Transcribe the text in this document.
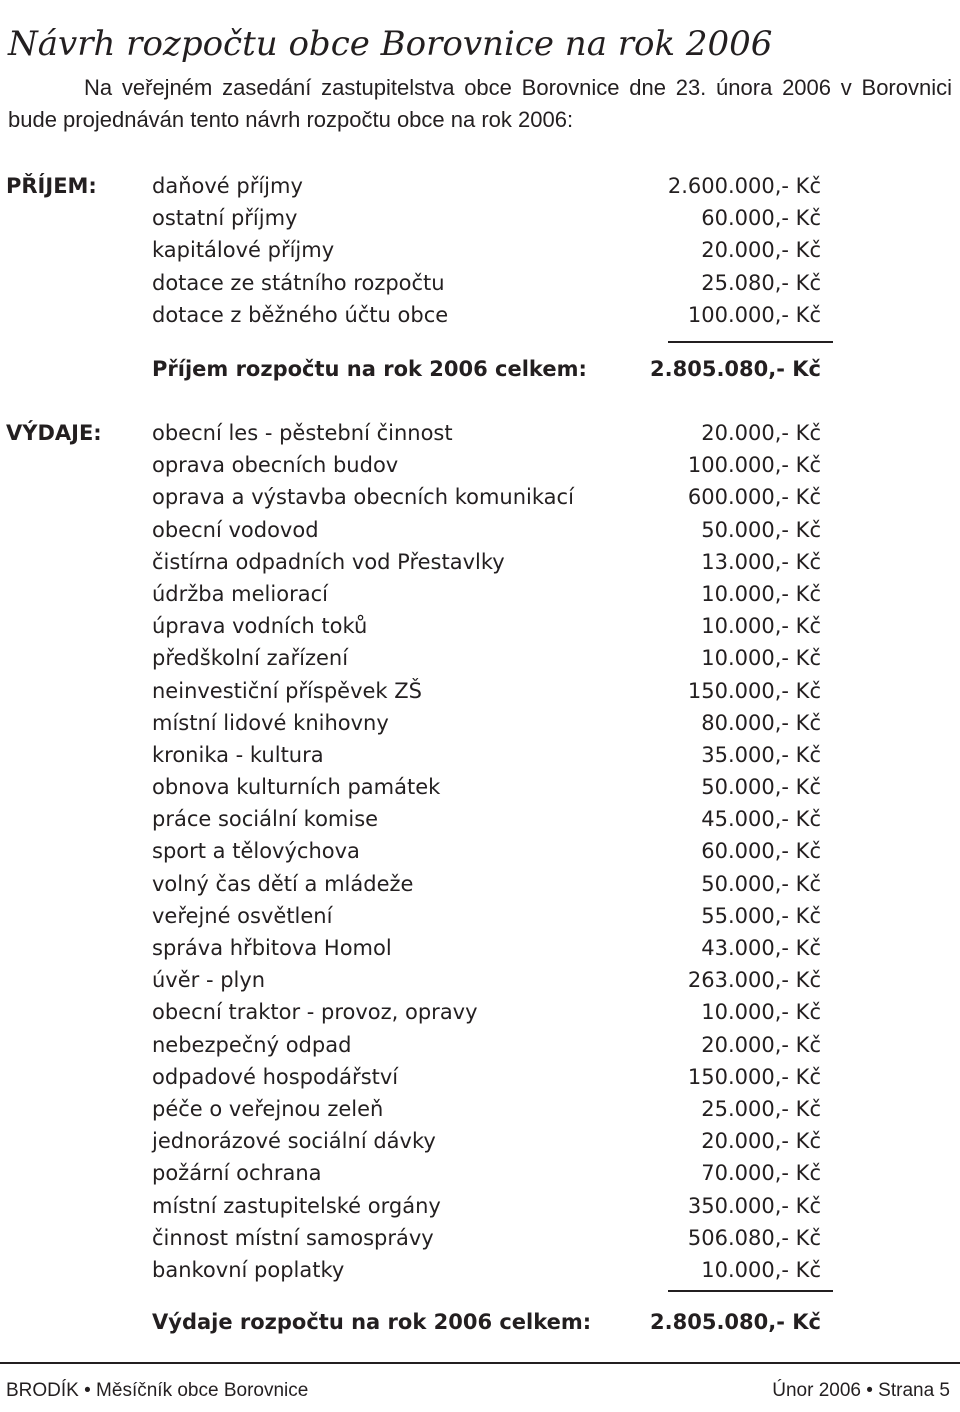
Návrh rozpočtu obce Borovnice na rok 2006

Na veřejném zasedání zastupitelstva obce Borovnice dne 23. února 2006 v Borovnici bude projednáván tento návrh rozpočtu obce na rok 2006:

PŘÍJEM:	daňové příjmy	2.600.000,- Kč
ostatní příjmy	60.000,- Kč
kapitálové příjmy	20.000,- Kč
dotace ze státního rozpočtu	25.080,- Kč
dotace z běžného účtu obce	100.000,- Kč
Příjem rozpočtu na rok 2006 celkem:	2.805.080,- Kč
VÝDAJE: obecní les - pěstební činnost	20.000,- Kč
oprava obecních budov	100.000,- Kč
oprava a výstavba obecních komunikací	600.000,- Kč
obecní vodovod	50.000,- Kč
čistírna odpadních vod Přestavlky	13.000,- Kč
údržba meliorací	10.000,- Kč
úprava vodních toků	10.000,- Kč
předškolní zařízení	10.000,- Kč
neinvestiční příspěvek ZŠ	150.000,- Kč
místní lidové knihovny	80.000,- Kč
kronika - kultura	35.000,- Kč
obnova kulturních památek	50.000,- Kč
práce sociální komise	45.000,- Kč
sport a tělovýchova	60.000,- Kč
volný čas dětí a mládeže	50.000,- Kč
veřejné osvětlení	55.000,- Kč
správa hřbitova Homol	43.000,- Kč
úvěr - plyn	263.000,- Kč
obecní traktor - provoz, opravy	10.000,- Kč
nebezpečný odpad	20.000,- Kč
odpadové hospodářství	150.000,- Kč
péče o veřejnou zeleň	25.000,- Kč
jednorázové sociální dávky	20.000,- Kč
požární ochrana	70.000,- Kč
místní zastupitelské orgány	350.000,- Kč
činnost místní samosprávy	506.080,- Kč
bankovní poplatky	10.000,- Kč
Výdaje rozpočtu na rok 2006 celkem:	2.805.080,- Kč
BRODÍK • Měsíčník obce Borovnice	Únor 2006 • Strana 5
